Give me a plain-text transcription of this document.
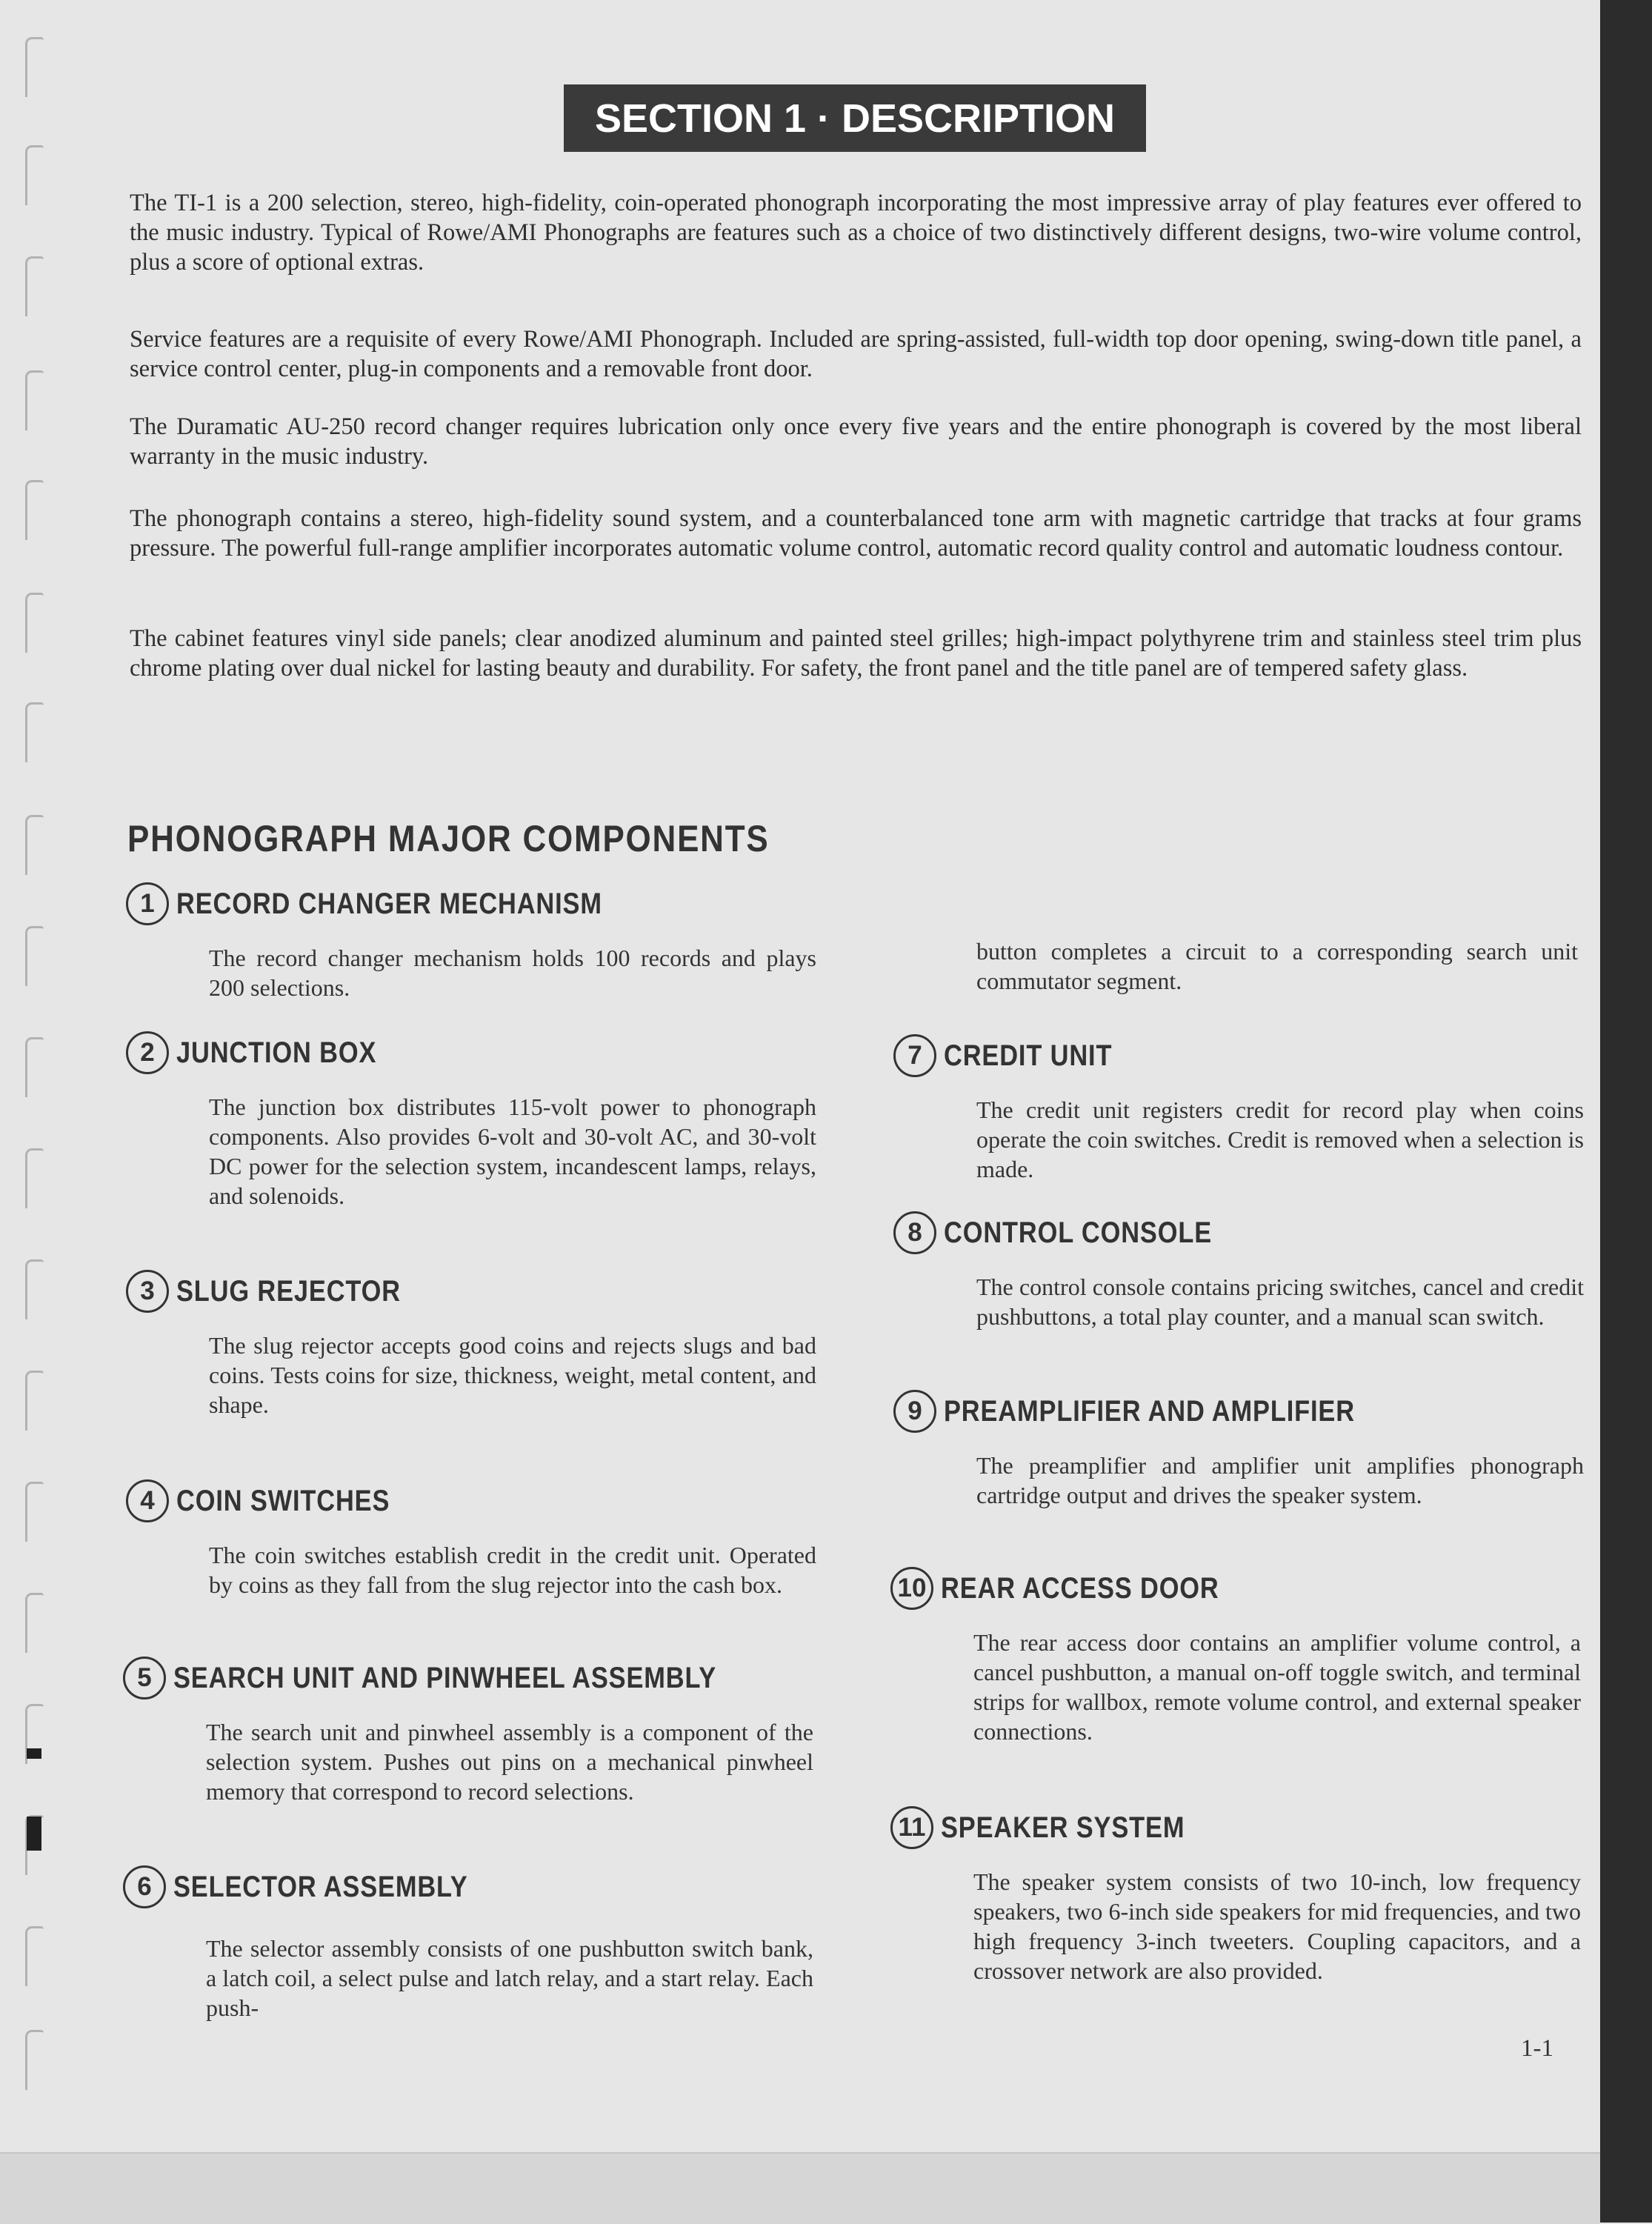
SECTION 1 · DESCRIPTION

The TI-1 is a 200 selection, stereo, high-fidelity, coin-operated phonograph incorporating the most impressive array of play features ever offered to the music industry. Typical of Rowe/AMI Phonographs are features such as a choice of two distinctively different designs, two-wire volume control, plus a score of optional extras.

Service features are a requisite of every Rowe/AMI Phonograph. Included are spring-assisted, full-width top door opening, swing-down title panel, a service control center, plug-in components and a removable front door.

The Duramatic AU-250 record changer requires lubrication only once every five years and the entire phonograph is covered by the most liberal warranty in the music industry.

The phonograph contains a stereo, high-fidelity sound system, and a counterbalanced tone arm with magnetic cartridge that tracks at four grams pressure. The powerful full-range amplifier incorporates automatic volume control, automatic record quality control and automatic loudness contour.

The cabinet features vinyl side panels; clear anodized aluminum and painted steel grilles; high-impact polythyrene trim and stainless steel trim plus chrome plating over dual nickel for lasting beauty and durability. For safety, the front panel and the title panel are of tempered safety glass.

PHONOGRAPH MAJOR COMPONENTS
1 RECORD CHANGER MECHANISM
The record changer mechanism holds 100 records and plays 200 selections.
2 JUNCTION BOX
The junction box distributes 115-volt power to phonograph components. Also provides 6-volt and 30-volt AC, and 30-volt DC power for the selection system, incandescent lamps, relays, and solenoids.
3 SLUG REJECTOR
The slug rejector accepts good coins and rejects slugs and bad coins. Tests coins for size, thickness, weight, metal content, and shape.
4 COIN SWITCHES
The coin switches establish credit in the credit unit. Operated by coins as they fall from the slug rejector into the cash box.
5 SEARCH UNIT AND PINWHEEL ASSEMBLY
The search unit and pinwheel assembly is a component of the selection system. Pushes out pins on a mechanical pinwheel memory that correspond to record selections.
6 SELECTOR ASSEMBLY
The selector assembly consists of one pushbutton switch bank, a latch coil, a select pulse and latch relay, and a start relay. Each push-

button completes a circuit to a corresponding search unit commutator segment.

7 CREDIT UNIT
The credit unit registers credit for record play when coins operate the coin switches. Credit is removed when a selection is made.
8 CONTROL CONSOLE
The control console contains pricing switches, cancel and credit pushbuttons, a total play counter, and a manual scan switch.
9 PREAMPLIFIER AND AMPLIFIER
The preamplifier and amplifier unit amplifies phonograph cartridge output and drives the speaker system.
10 REAR ACCESS DOOR
The rear access door contains an amplifier volume control, a cancel pushbutton, a manual on-off toggle switch, and terminal strips for wallbox, remote volume control, and external speaker connections.
11 SPEAKER SYSTEM
The speaker system consists of two 10-inch, low frequency speakers, two 6-inch side speakers for mid frequencies, and two high frequency 3-inch tweeters. Coupling capacitors, and a crossover network are also provided.
1-1
